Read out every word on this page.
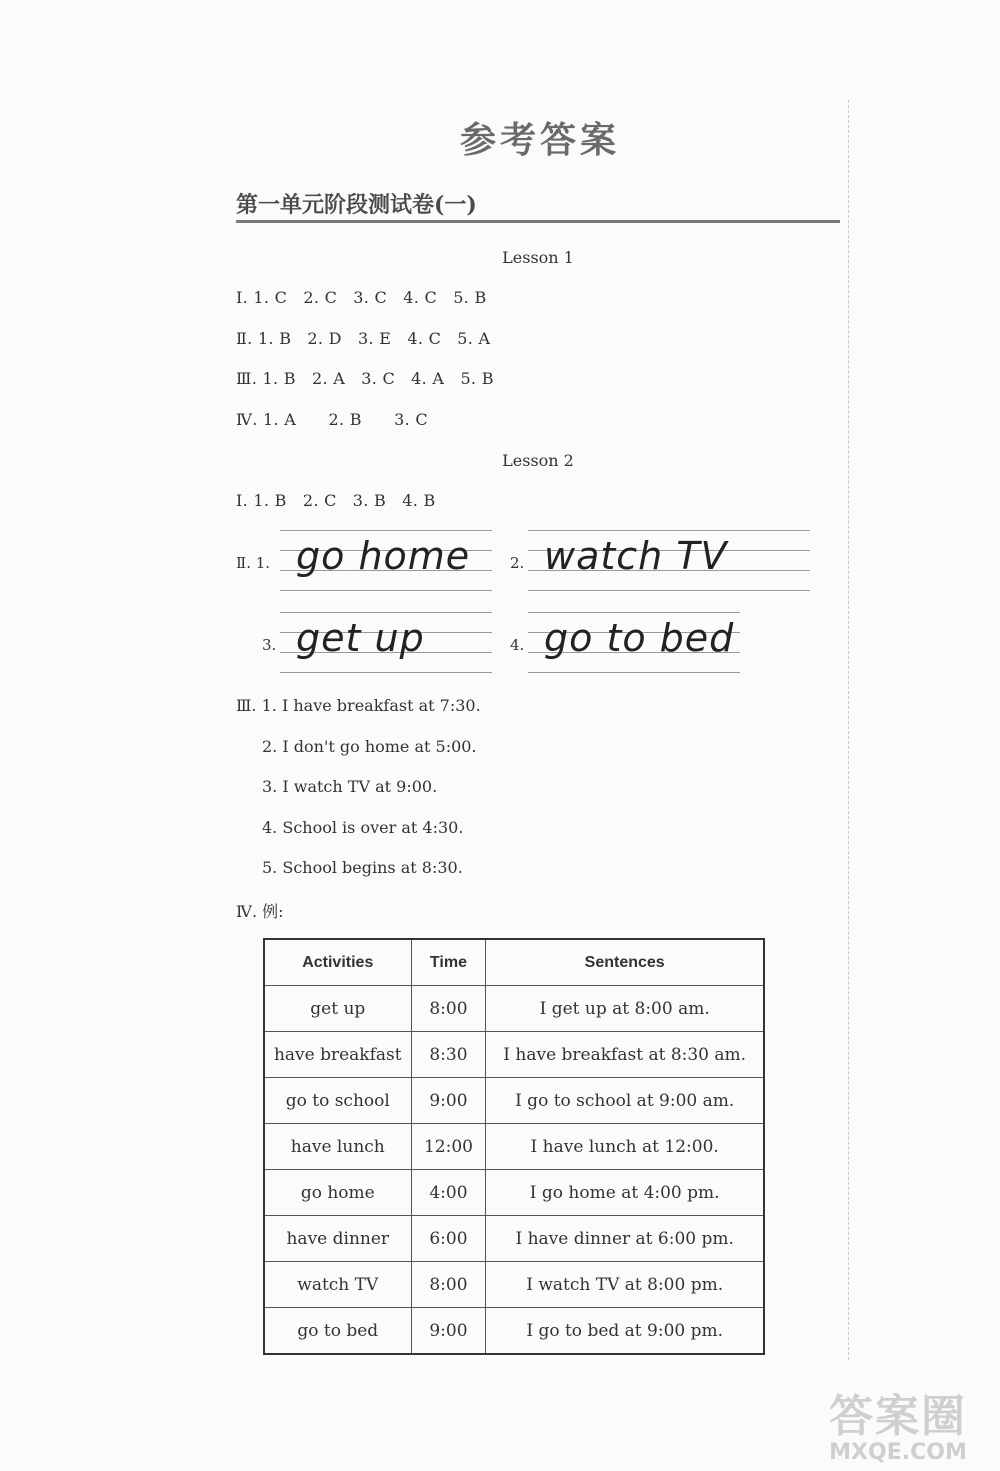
参考答案
第一单元阶段测试卷(一)
Lesson 1
Ⅰ. 1. C   2. C   3. C   4. C   5. B
Ⅱ. 1. B   2. D   3. E   4. C   5. A
Ⅲ. 1. B   2. A   3. C   4. A   5. B
Ⅳ. 1. A      2. B      3. C
Lesson 2
Ⅰ. 1. B   2. C   3. B   4. B
Ⅱ. 1. go home	2. watch TV
3. get up	4. go to bed
Ⅲ. 1. I have breakfast at 7:30.
2. I don't go home at 5:00.
3. I watch TV at 9:00.
4. School is over at 4:30.
5. School begins at 8:30.
Ⅳ. 例:
Activities	Time	Sentences
get up	8:00	I get up at 8:00 am.
have breakfast	8:30	I have breakfast at 8:30 am.
go to school	9:00	I go to school at 9:00 am.
have lunch	12:00	I have lunch at 12:00.
go home	4:00	I go home at 4:00 pm.
have dinner	6:00	I have dinner at 6:00 pm.
watch TV	8:00	I watch TV at 8:00 pm.
go to bed	9:00	I go to bed at 9:00 pm.
答案圈
MXQE.COM
